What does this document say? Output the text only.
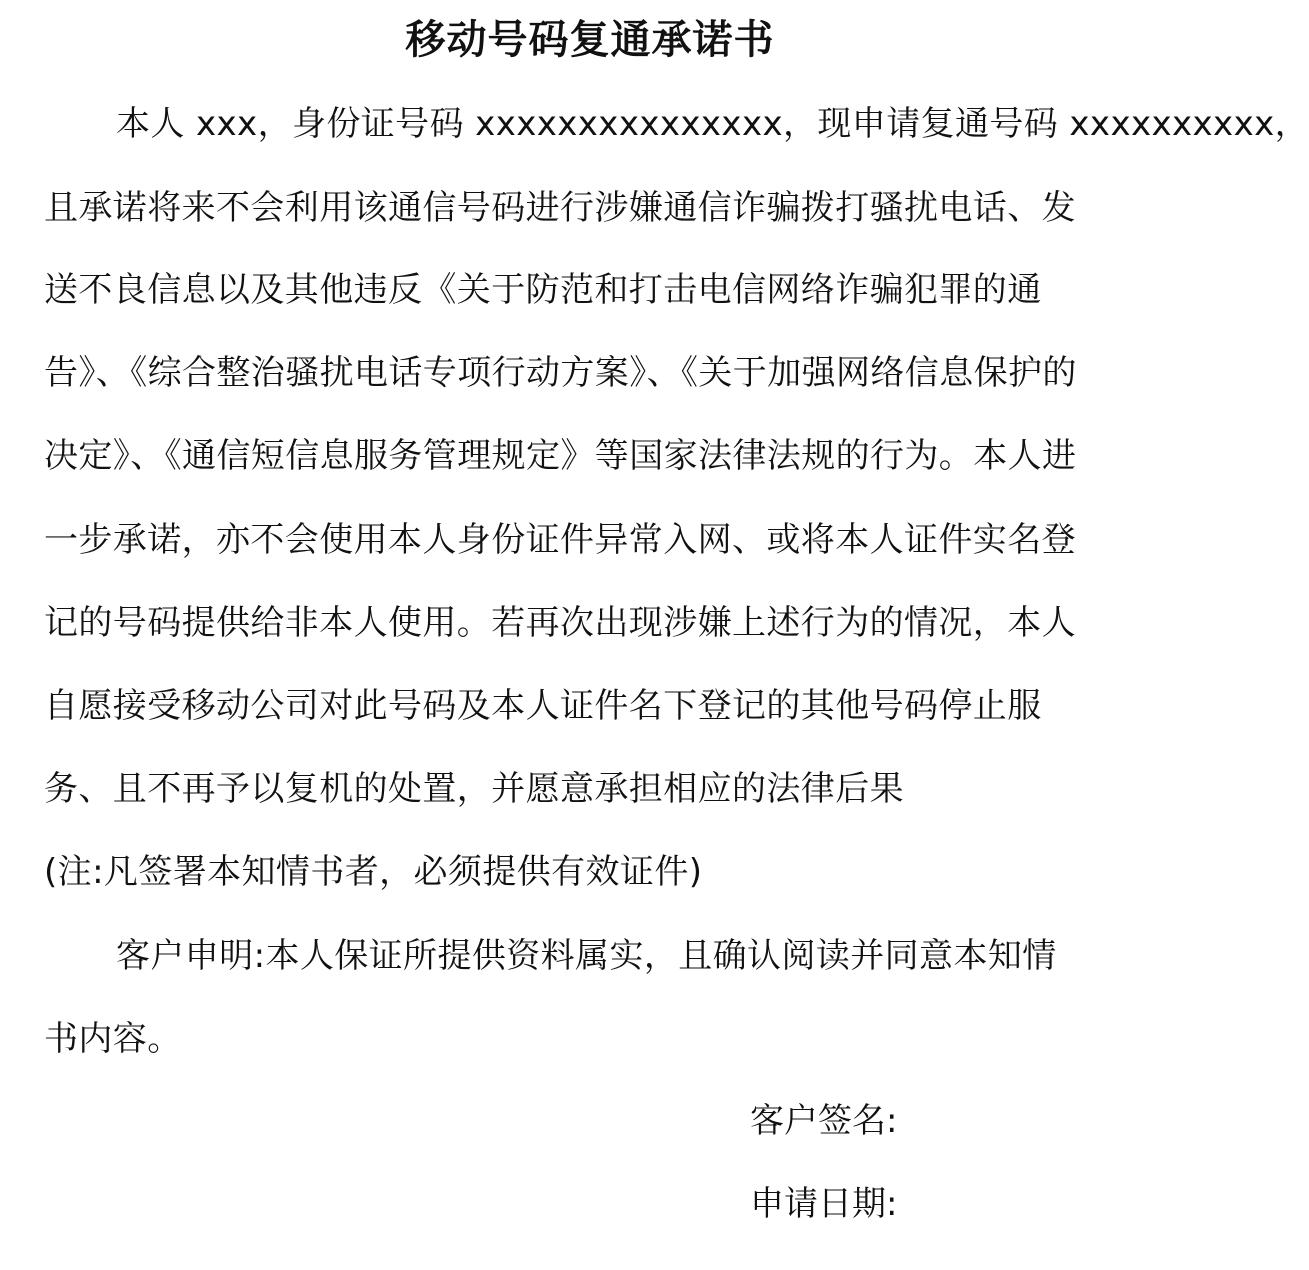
移动号码复通承诺书
本人 xxx，身份证号码 xxxxxxxxxxxxxxx，现申请复通号码 xxxxxxxxxx，
且承诺将来不会利用该通信号码进行涉嫌通信诈骗拨打骚扰电话、发
送不良信息以及其他违反《关于防范和打击电信网络诈骗犯罪的通
告》、《综合整治骚扰电话专项行动方案》、《关于加强网络信息保护的
决定》、《通信短信息服务管理规定》等国家法律法规的行为。本人进
一步承诺，亦不会使用本人身份证件异常入网、或将本人证件实名登
记的号码提供给非本人使用。若再次出现涉嫌上述行为的情况，本人
自愿接受移动公司对此号码及本人证件名下登记的其他号码停止服
务、且不再予以复机的处置，并愿意承担相应的法律后果
(注:凡签署本知情书者，必须提供有效证件)
客户申明:本人保证所提供资料属实，且确认阅读并同意本知情
书内容。
客户签名:
申请日期:
